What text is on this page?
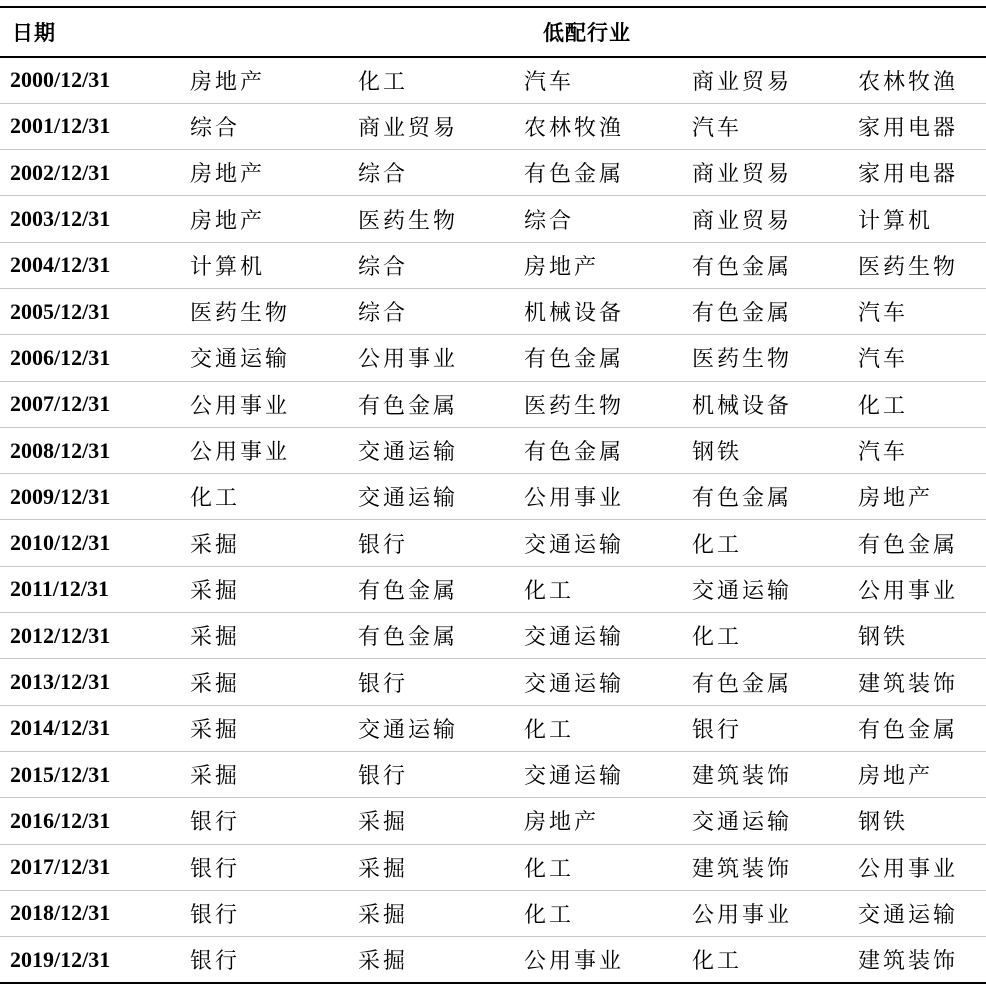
日期	低配行业				
2000/12/31	房地产	化工	汽车	商业贸易	农林牧渔
2001/12/31	综合	商业贸易	农林牧渔	汽车	家用电器
2002/12/31	房地产	综合	有色金属	商业贸易	家用电器
2003/12/31	房地产	医药生物	综合	商业贸易	计算机
2004/12/31	计算机	综合	房地产	有色金属	医药生物
2005/12/31	医药生物	综合	机械设备	有色金属	汽车
2006/12/31	交通运输	公用事业	有色金属	医药生物	汽车
2007/12/31	公用事业	有色金属	医药生物	机械设备	化工
2008/12/31	公用事业	交通运输	有色金属	钢铁	汽车
2009/12/31	化工	交通运输	公用事业	有色金属	房地产
2010/12/31	采掘	银行	交通运输	化工	有色金属
2011/12/31	采掘	有色金属	化工	交通运输	公用事业
2012/12/31	采掘	有色金属	交通运输	化工	钢铁
2013/12/31	采掘	银行	交通运输	有色金属	建筑装饰
2014/12/31	采掘	交通运输	化工	银行	有色金属
2015/12/31	采掘	银行	交通运输	建筑装饰	房地产
2016/12/31	银行	采掘	房地产	交通运输	钢铁
2017/12/31	银行	采掘	化工	建筑装饰	公用事业
2018/12/31	银行	采掘	化工	公用事业	交通运输
2019/12/31	银行	采掘	公用事业	化工	建筑装饰
